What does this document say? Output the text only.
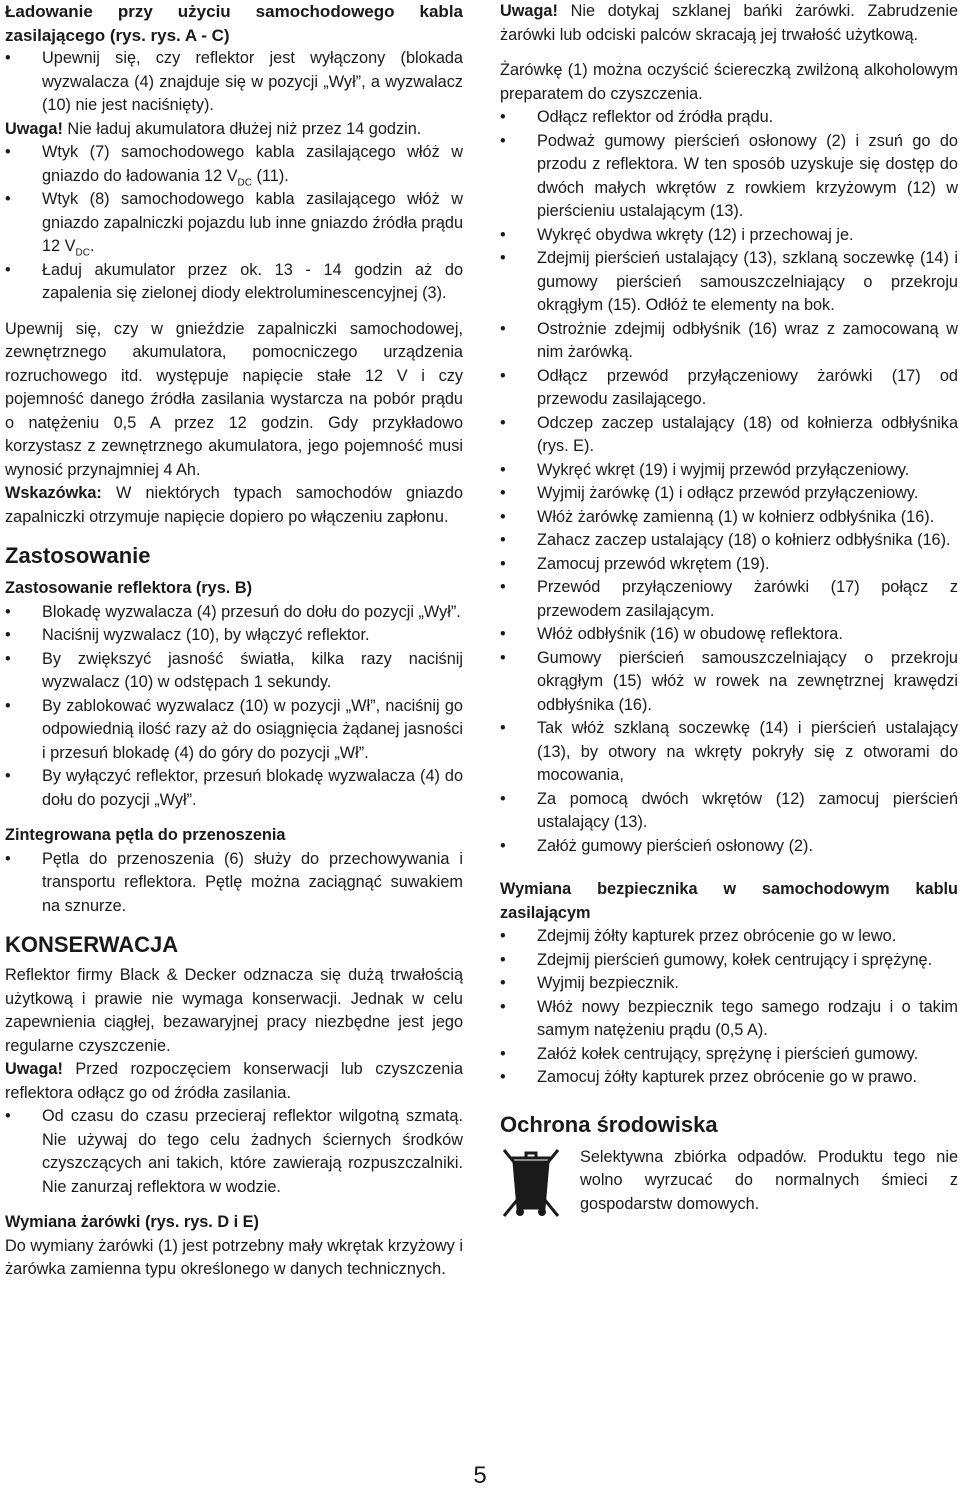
Ładowanie przy użyciu samochodowego kabla zasilającego (rys. rys. A - C)

• Upewnij się, czy reflektor jest wyłączony (blokada wyzwalacza (4) znajduje się w pozycji „Wył”, a wyzwalacz (10) nie jest naciśnięty).

Uwaga! Nie ładuj akumulatora dłużej niż przez 14 godzin.

• Wtyk (7) samochodowego kabla zasilającego włóż w gniazdo do ładowania 12 $V_{DC}$ (11).
• Wtyk (8) samochodowego kabla zasilającego włóż w gniazdo zapalniczki pojazdu lub inne gniazdo źródła prądu 12 $V_{DC}$.
• Ładuj akumulator przez ok. 13 - 14 godzin aż do zapalenia się zielonej diody elektroluminescencyjnej (3).

Upewnij się, czy w gnieździe zapalniczki samochodowej, zewnętrznego akumulatora, pomocniczego urządzenia rozruchowego itd. występuje napięcie stałe 12 V i czy pojemność danego źródła zasilania wystarcza na pobór prądu o natężeniu 0,5 A przez 12 godzin. Gdy przykładowo korzystasz z zewnętrznego akumulatora, jego pojemność musi wynosić przynajmniej 4 Ah.

Wskazówka: W niektórych typach samochodów gniazdo zapalniczki otrzymuje napięcie dopiero po włączeniu zapłonu.

Zastosowanie

Zastosowanie reflektora (rys. B)

• Blokadę wyzwalacza (4) przesuń do dołu do pozycji „Wył”.
• Naciśnij wyzwalacz (10), by włączyć reflektor.
• By zwiększyć jasność światła, kilka razy naciśnij wyzwalacz (10) w odstępach 1 sekundy.
• By zablokować wyzwalacz (10) w pozycji „Wł”, naciśnij go odpowiednią ilość razy aż do osiągnięcia żądanej jasności i przesuń blokadę (4) do góry do pozycji „Wł”.
• By wyłączyć reflektor, przesuń blokadę wyzwalacza (4) do dołu do pozycji „Wył”.

Zintegrowana pętla do przenoszenia

• Pętla do przenoszenia (6) służy do przechowywania i transportu reflektora. Pętlę można zaciągnąć suwakiem na sznurze.

KONSERWACJA

Reflektor firmy Black & Decker odznacza się dużą trwałością użytkową i prawie nie wymaga konserwacji. Jednak w celu zapewnienia ciągłej, bezawaryjnej pracy niezbędne jest jego regularne czyszczenie.

Uwaga! Przed rozpoczęciem konserwacji lub czyszczenia reflektora odłącz go od źródła zasilania.

• Od czasu do czasu przecieraj reflektor wilgotną szmatą. Nie używaj do tego celu żadnych ściernych środków czyszczących ani takich, które zawierają rozpuszczalniki. Nie zanurzaj reflektora w wodzie.

Wymiana żarówki (rys. rys. D i E)

Do wymiany żarówki (1) jest potrzebny mały wkrętak krzyżowy i żarówka zamienna typu określonego w danych technicznych.

Uwaga! Nie dotykaj szklanej bańki żarówki. Zabrudzenie żarówki lub odciski palców skracają jej trwałość użytkową.

Żarówkę (1) można oczyścić ściereczką zwilżoną alkoholowym preparatem do czyszczenia.

• Odłącz reflektor od źródła prądu.
• Podważ gumowy pierścień osłonowy (2) i zsuń go do przodu z reflektora. W ten sposób uzyskuje się dostęp do dwóch małych wkrętów z rowkiem krzyżowym (12) w pierścieniu ustalającym (13).
• Wykręć obydwa wkręty (12) i przechowaj je.
• Zdejmij pierścień ustalający (13), szklaną soczewkę (14) i gumowy pierścień samouszczelniający o przekroju okrągłym (15). Odłóż te elementy na bok.
• Ostrożnie zdejmij odbłyśnik (16) wraz z zamocowaną w nim żarówką.
• Odłącz przewód przyłączeniowy żarówki (17) od przewodu zasilającego.
• Odczep zaczep ustalający (18) od kołnierza odbłyśnika (rys. E).
• Wykręć wkręt (19) i wyjmij przewód przyłączeniowy.
• Wyjmij żarówkę (1) i odłącz przewód przyłączeniowy.
• Włóż żarówkę zamienną (1) w kołnierz odbłyśnika (16).
• Zahacz zaczep ustalający (18) o kołnierz odbłyśnika (16).
• Zamocuj przewód wkrętem (19).
• Przewód przyłączeniowy żarówki (17) połącz z przewodem zasilającym.
• Włóż odbłyśnik (16) w obudowę reflektora.
• Gumowy pierścień samouszczelniający o przekroju okrągłym (15) włóż w rowek na zewnętrznej krawędzi odbłyśnika (16).
• Tak włóż szklaną soczewkę (14) i pierścień ustalający (13), by otwory na wkręty pokryły się z otworami do mocowania,
• Za pomocą dwóch wkrętów (12) zamocuj pierścień ustalający (13).
• Załóż gumowy pierścień osłonowy (2).

Wymiana bezpiecznika w samochodowym kablu zasilającym

• Zdejmij żółty kapturek przez obrócenie go w lewo.
• Zdejmij pierścień gumowy, kołek centrujący i sprężynę.
• Wyjmij bezpiecznik.
• Włóż nowy bezpiecznik tego samego rodzaju i o takim samym natężeniu prądu (0,5 A).
• Załóż kołek centrujący, sprężynę i pierścień gumowy.
• Zamocuj żółty kapturek przez obrócenie go w prawo.

Ochrona środowiska

Selektywna zbiórka odpadów. Produktu tego nie wolno wyrzucać do normalnych śmieci z gospodarstw domowych.

5
